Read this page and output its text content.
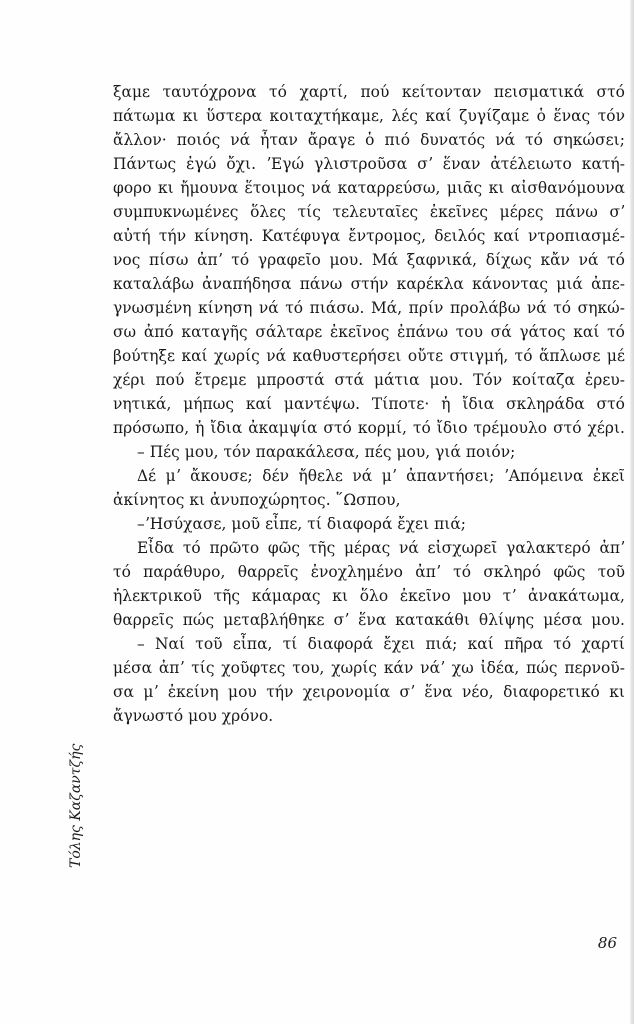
ξαμε ταυτόχρονα τό χαρτί, πού κείτονταν πεισματικά στό
πάτωμα κι ὕστερα κοιταχτήκαμε, λές καί ζυγίζαμε ὁ ἕνας τόν
ἄλλον· ποιός νά ἦταν ἄραγε ὁ πιό δυνατός νά τό σηκώσει;
Πάντως ἐγώ ὄχι. ʼΕγώ γλιστροῦσα σʼ ἕναν ἀτέλειωτο κατή-
φορο κι ἤμουνα ἕτοιμος νά καταρρεύσω, μιᾶς κι αἰσθανόμουνα
συμπυκνωμένες ὅλες τίς τελευταῖες ἐκεῖνες μέρες πάνω σʼ
αὐτή τήν κίνηση. Κατέφυγα ἔντρομος, δειλός καί ντροπιασμέ-
νος πίσω ἀπʼ τό γραφεῖο μου. Μά ξαφνικά, δίχως κἄν νά τό
καταλάβω ἀναπήδησα πάνω στήν καρέκλα κάνοντας μιά ἀπε-
γνωσμένη κίνηση νά τό πιάσω. Μά, πρίν προλάβω νά τό σηκώ-
σω ἀπό καταγῆς σάλταρε ἐκεῖνος ἐπάνω του σά γάτος καί τό
βούτηξε καί χωρίς νά καθυστερήσει οὔτε στιγμή, τό ἅπλωσε μέ
χέρι πού ἔτρεμε μπροστά στά μάτια μου. Τόν κοίταζα ἐρευ-
νητικά, μήπως καί μαντέψω. Τίποτε· ἡ ἴδια σκληράδα στό
πρόσωπο, ἡ ἴδια ἀκαμψία στό κορμί, τό ἴδιο τρέμουλο στό χέρι.
– Πές μου, τόν παρακάλεσα, πές μου, γιά ποιόν;
Δέ μʼ ἄκουσε; δέν ἤθελε νά μʼ ἀπαντήσει; ʼΑπόμεινα ἐκεῖ
ἀκίνητος κι ἀνυποχώρητος. ῞Ωσπου,
–ʼΗσύχασε, μοῦ εἶπε, τί διαφορά ἔχει πιά;
Εἶδα τό πρῶτο φῶς τῆς μέρας νά εἰσχωρεῖ γαλακτερό ἀπʼ
τό παράθυρο, θαρρεῖς ἐνοχλημένο ἀπʼ τό σκληρό φῶς τοῦ
ἠλεκτρικοῦ τῆς κάμαρας κι ὅλο ἐκεῖνο μου τʼ ἀνακάτωμα,
θαρρεῖς πώς μεταβλήθηκε σʼ ἕνα κατακάθι θλίψης μέσα μου.
– Ναί τοῦ εἶπα, τί διαφορά ἔχει πιά; καί πῆρα τό χαρτί
μέσα ἀπʼ τίς χοῦφτες του, χωρίς κάν νάʼ χω ἰδέα, πώς περνοῦ-
σα μʼ ἐκείνη μου τήν χειρονομία σʼ ἕνα νέο, διαφορετικό κι
ἄγνωστό μου χρόνο.
Τόλης Καζαντζής
86
